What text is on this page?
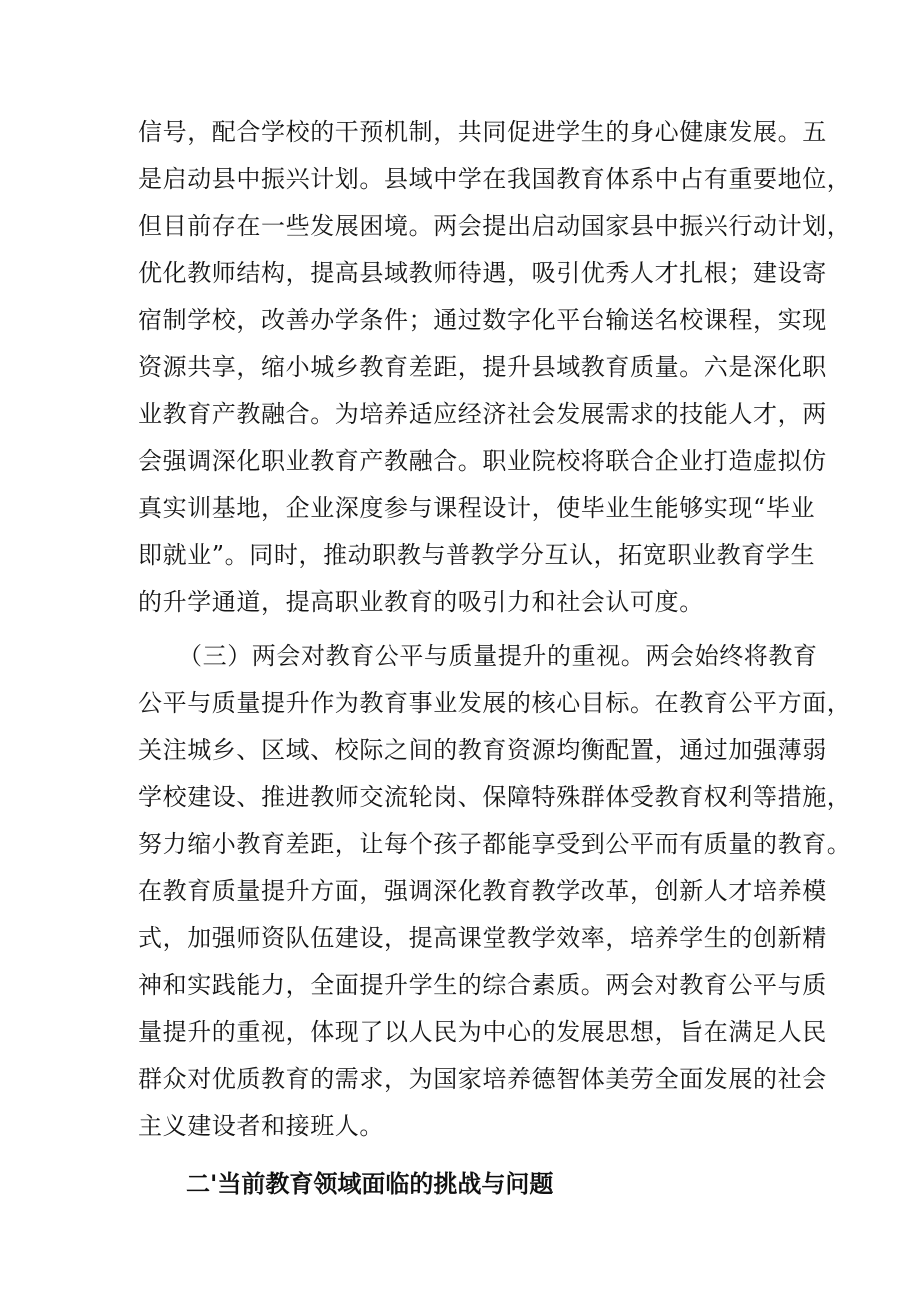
信号，配合学校的干预机制，共同促进学生的身心健康发展。五
是启动县中振兴计划。县域中学在我国教育体系中占有重要地位，
但目前存在一些发展困境。两会提出启动国家县中振兴行动计划，
优化教师结构，提高县域教师待遇，吸引优秀人才扎根；建设寄
宿制学校，改善办学条件；通过数字化平台输送名校课程，实现
资源共享，缩小城乡教育差距，提升县域教育质量。六是深化职
业教育产教融合。为培养适应经济社会发展需求的技能人才，两
会强调深化职业教育产教融合。职业院校将联合企业打造虚拟仿
真实训基地，企业深度参与课程设计，使毕业生能够实现“毕业
即就业”。同时，推动职教与普教学分互认，拓宽职业教育学生
的升学通道，提高职业教育的吸引力和社会认可度。
（三）两会对教育公平与质量提升的重视。两会始终将教育
公平与质量提升作为教育事业发展的核心目标。在教育公平方面，
关注城乡、区域、校际之间的教育资源均衡配置，通过加强薄弱
学校建设、推进教师交流轮岗、保障特殊群体受教育权利等措施，
努力缩小教育差距，让每个孩子都能享受到公平而有质量的教育。
在教育质量提升方面，强调深化教育教学改革，创新人才培养模
式，加强师资队伍建设，提高课堂教学效率，培养学生的创新精
神和实践能力，全面提升学生的综合素质。两会对教育公平与质
量提升的重视，体现了以人民为中心的发展思想，旨在满足人民
群众对优质教育的需求，为国家培养德智体美劳全面发展的社会
主义建设者和接班人。
二'当前教育领域面临的挑战与问题
